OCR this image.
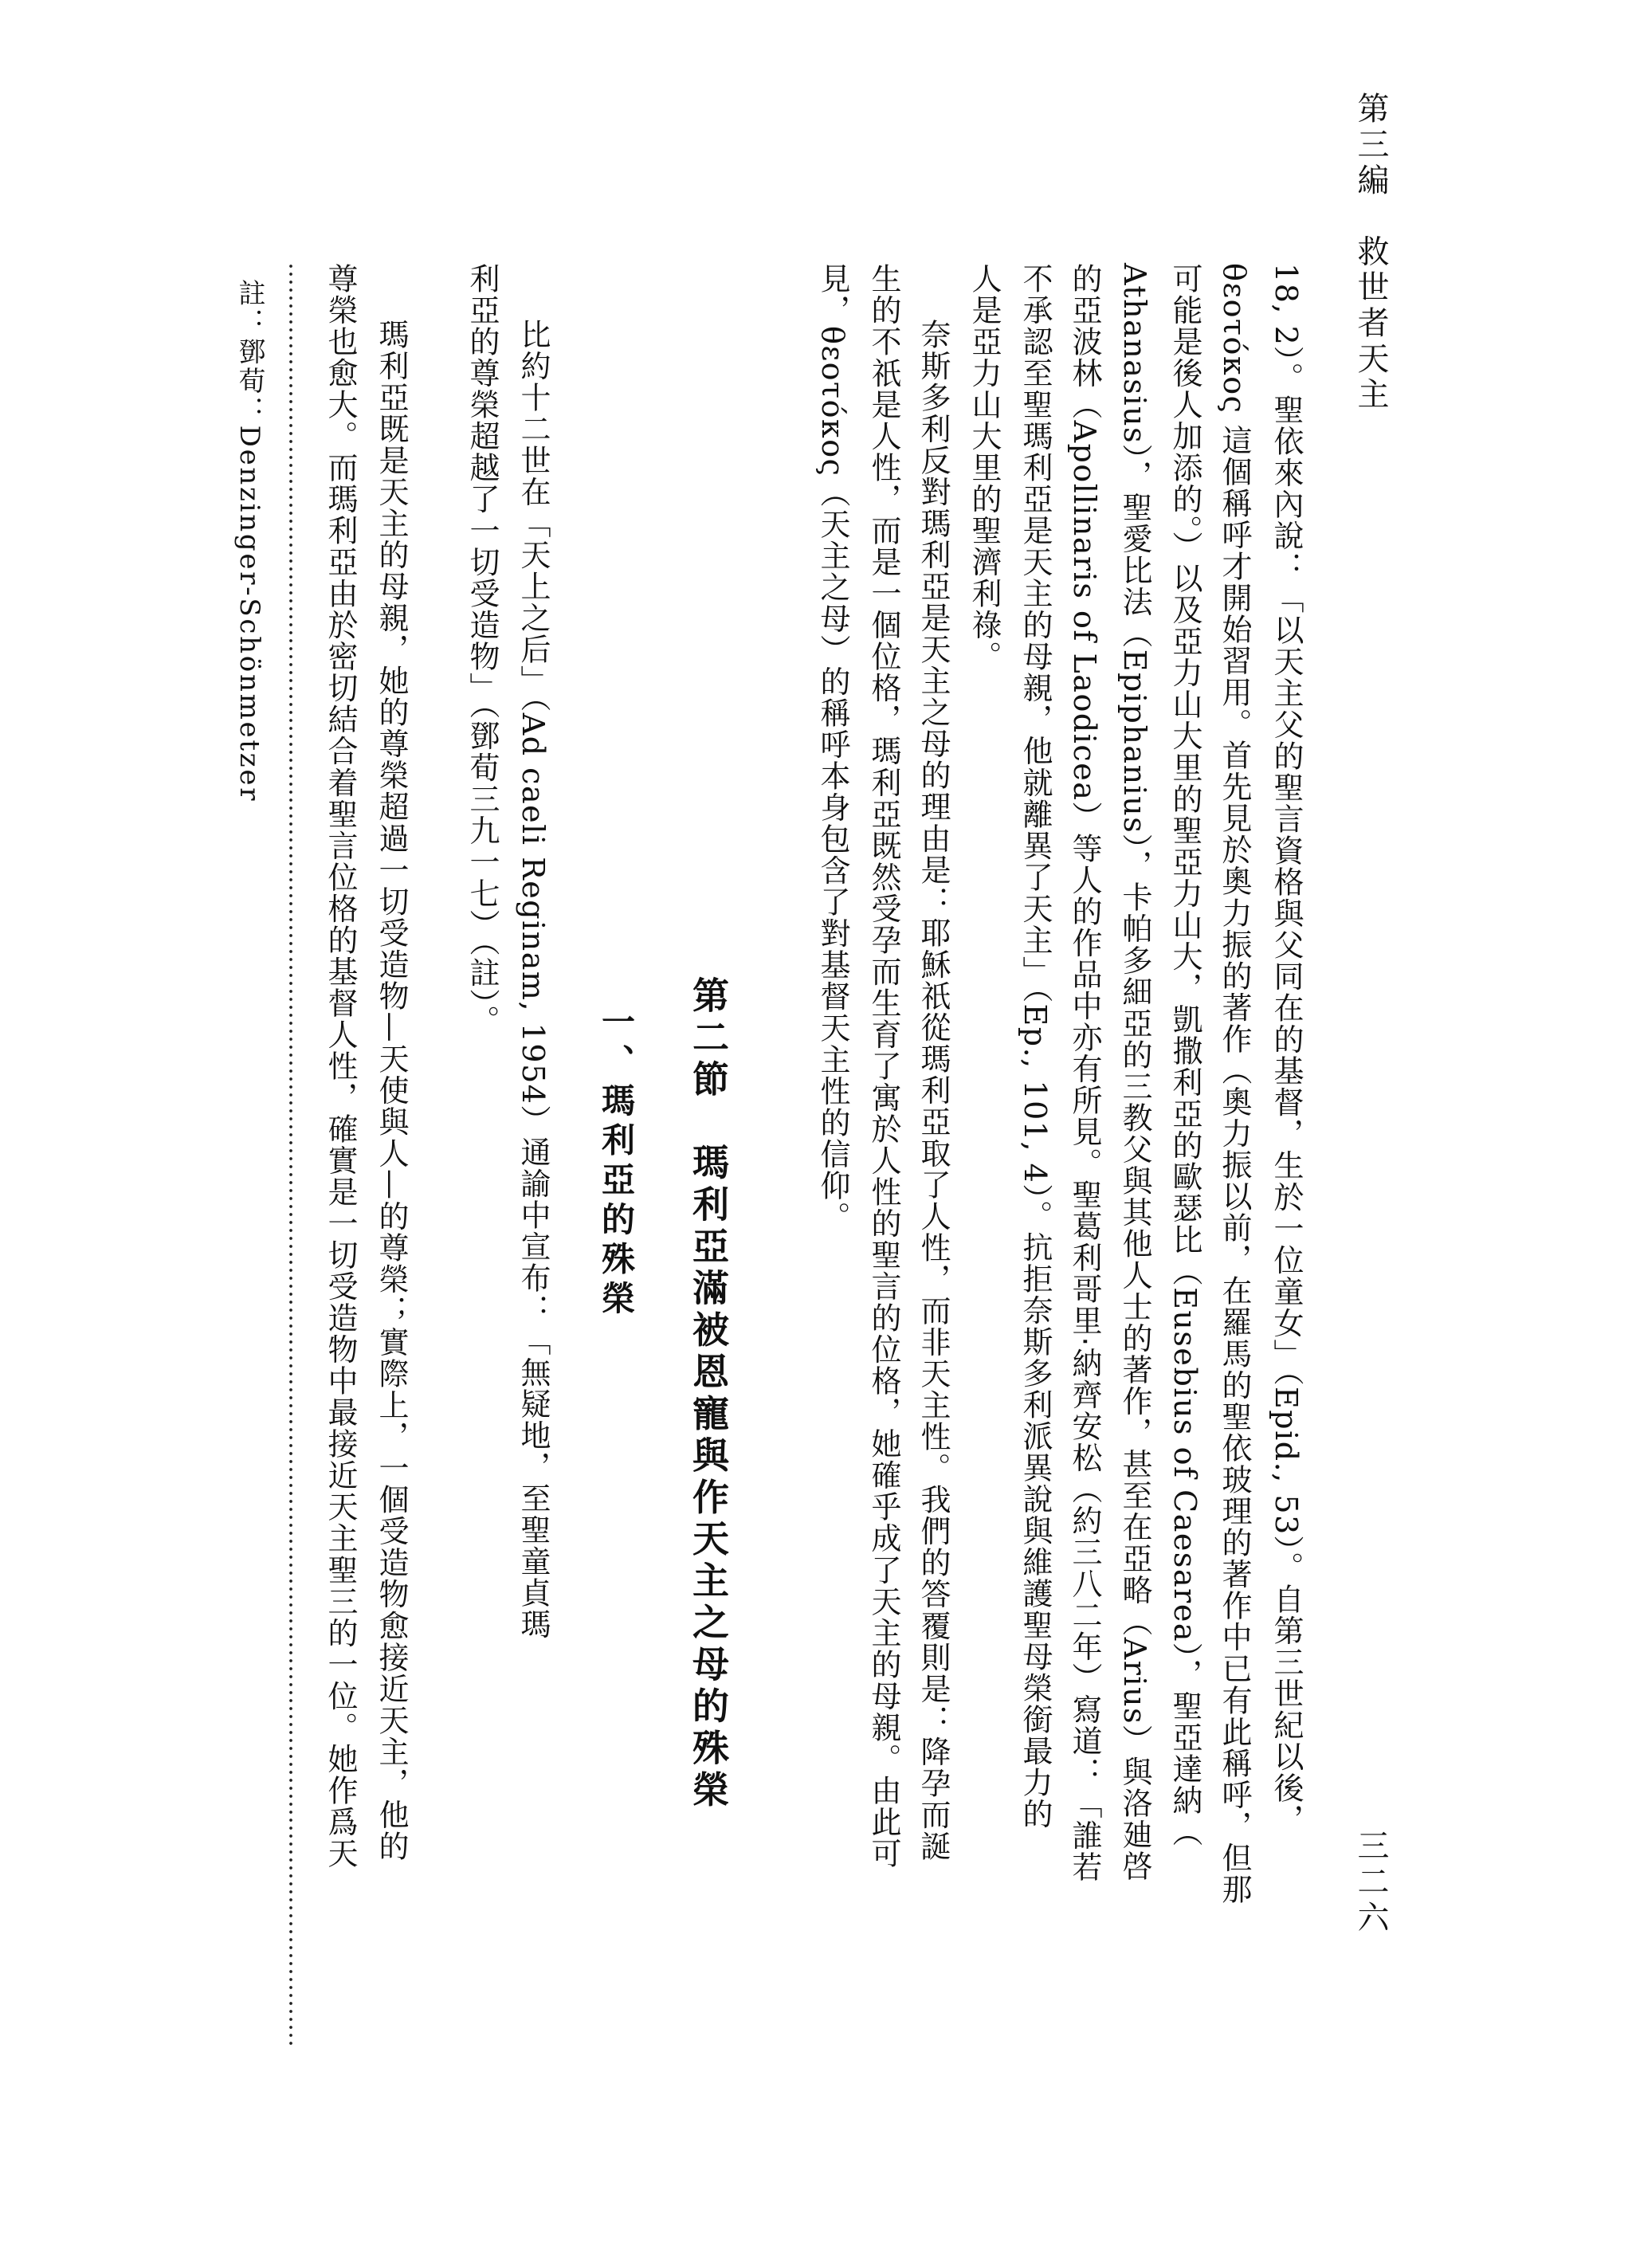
第三編　救世者天主
三二六
18, 2）。聖依來內說：「以天主父的聖言資格與父同在的基督，生於一位童女」（Epid., 53）。自第三世紀以後，
θεοτόκος 這個稱呼才開始習用。首先見於奧力振的著作（奧力振以前，在羅馬的聖依玻理的著作中已有此稱呼，但那
可能是後人加添的。）以及亞力山大里的聖亞力山大，凱撒利亞的歐瑟比（Eusebius of Caesarea），聖亞達納（
Athanasius），聖愛比法（Epiphanius），卡帕多細亞的三教父與其他人士的著作，甚至在亞略（Arius）與洛廸啓
的亞波林（Apollinaris of Laodicea）等人的作品中亦有所見。聖葛利哥里‧納齊安松（約三八二年）寫道：「誰若
不承認至聖瑪利亞是天主的母親，他就離異了天主」（Ep., 101, 4）。抗拒奈斯多利派異說與維護聖母榮銜最力的
人是亞力山大里的聖濟利祿。
奈斯多利反對瑪利亞是天主之母的理由是：耶穌祇從瑪利亞取了人性，而非天主性。我們的答覆則是：降孕而誕
生的不祇是人性，而是一個位格，瑪利亞既然受孕而生育了寓於人性的聖言的位格，她確乎成了天主的母親。由此可
見，θεοτόκος（天主之母）的稱呼本身包含了對基督天主性的信仰。
第二節　瑪利亞滿被恩寵與作天主之母的殊榮
一、瑪利亞的殊榮
比約十二世在「天上之后」（Ad caeli Reginam, 1954）通諭中宣布：「無疑地，至聖童貞瑪
利亞的尊榮超越了一切受造物」（鄧荀三九一七）（註）。
瑪利亞既是天主的母親，她的尊榮超過一切受造物—天使與人—的尊榮；實際上，一個受造物愈接近天主，他的
尊榮也愈大。而瑪利亞由於密切結合着聖言位格的基督人性，確實是一切受造物中最接近天主聖三的一位。她作爲天
註：鄧荀：Denzinger-Schönmetzer
